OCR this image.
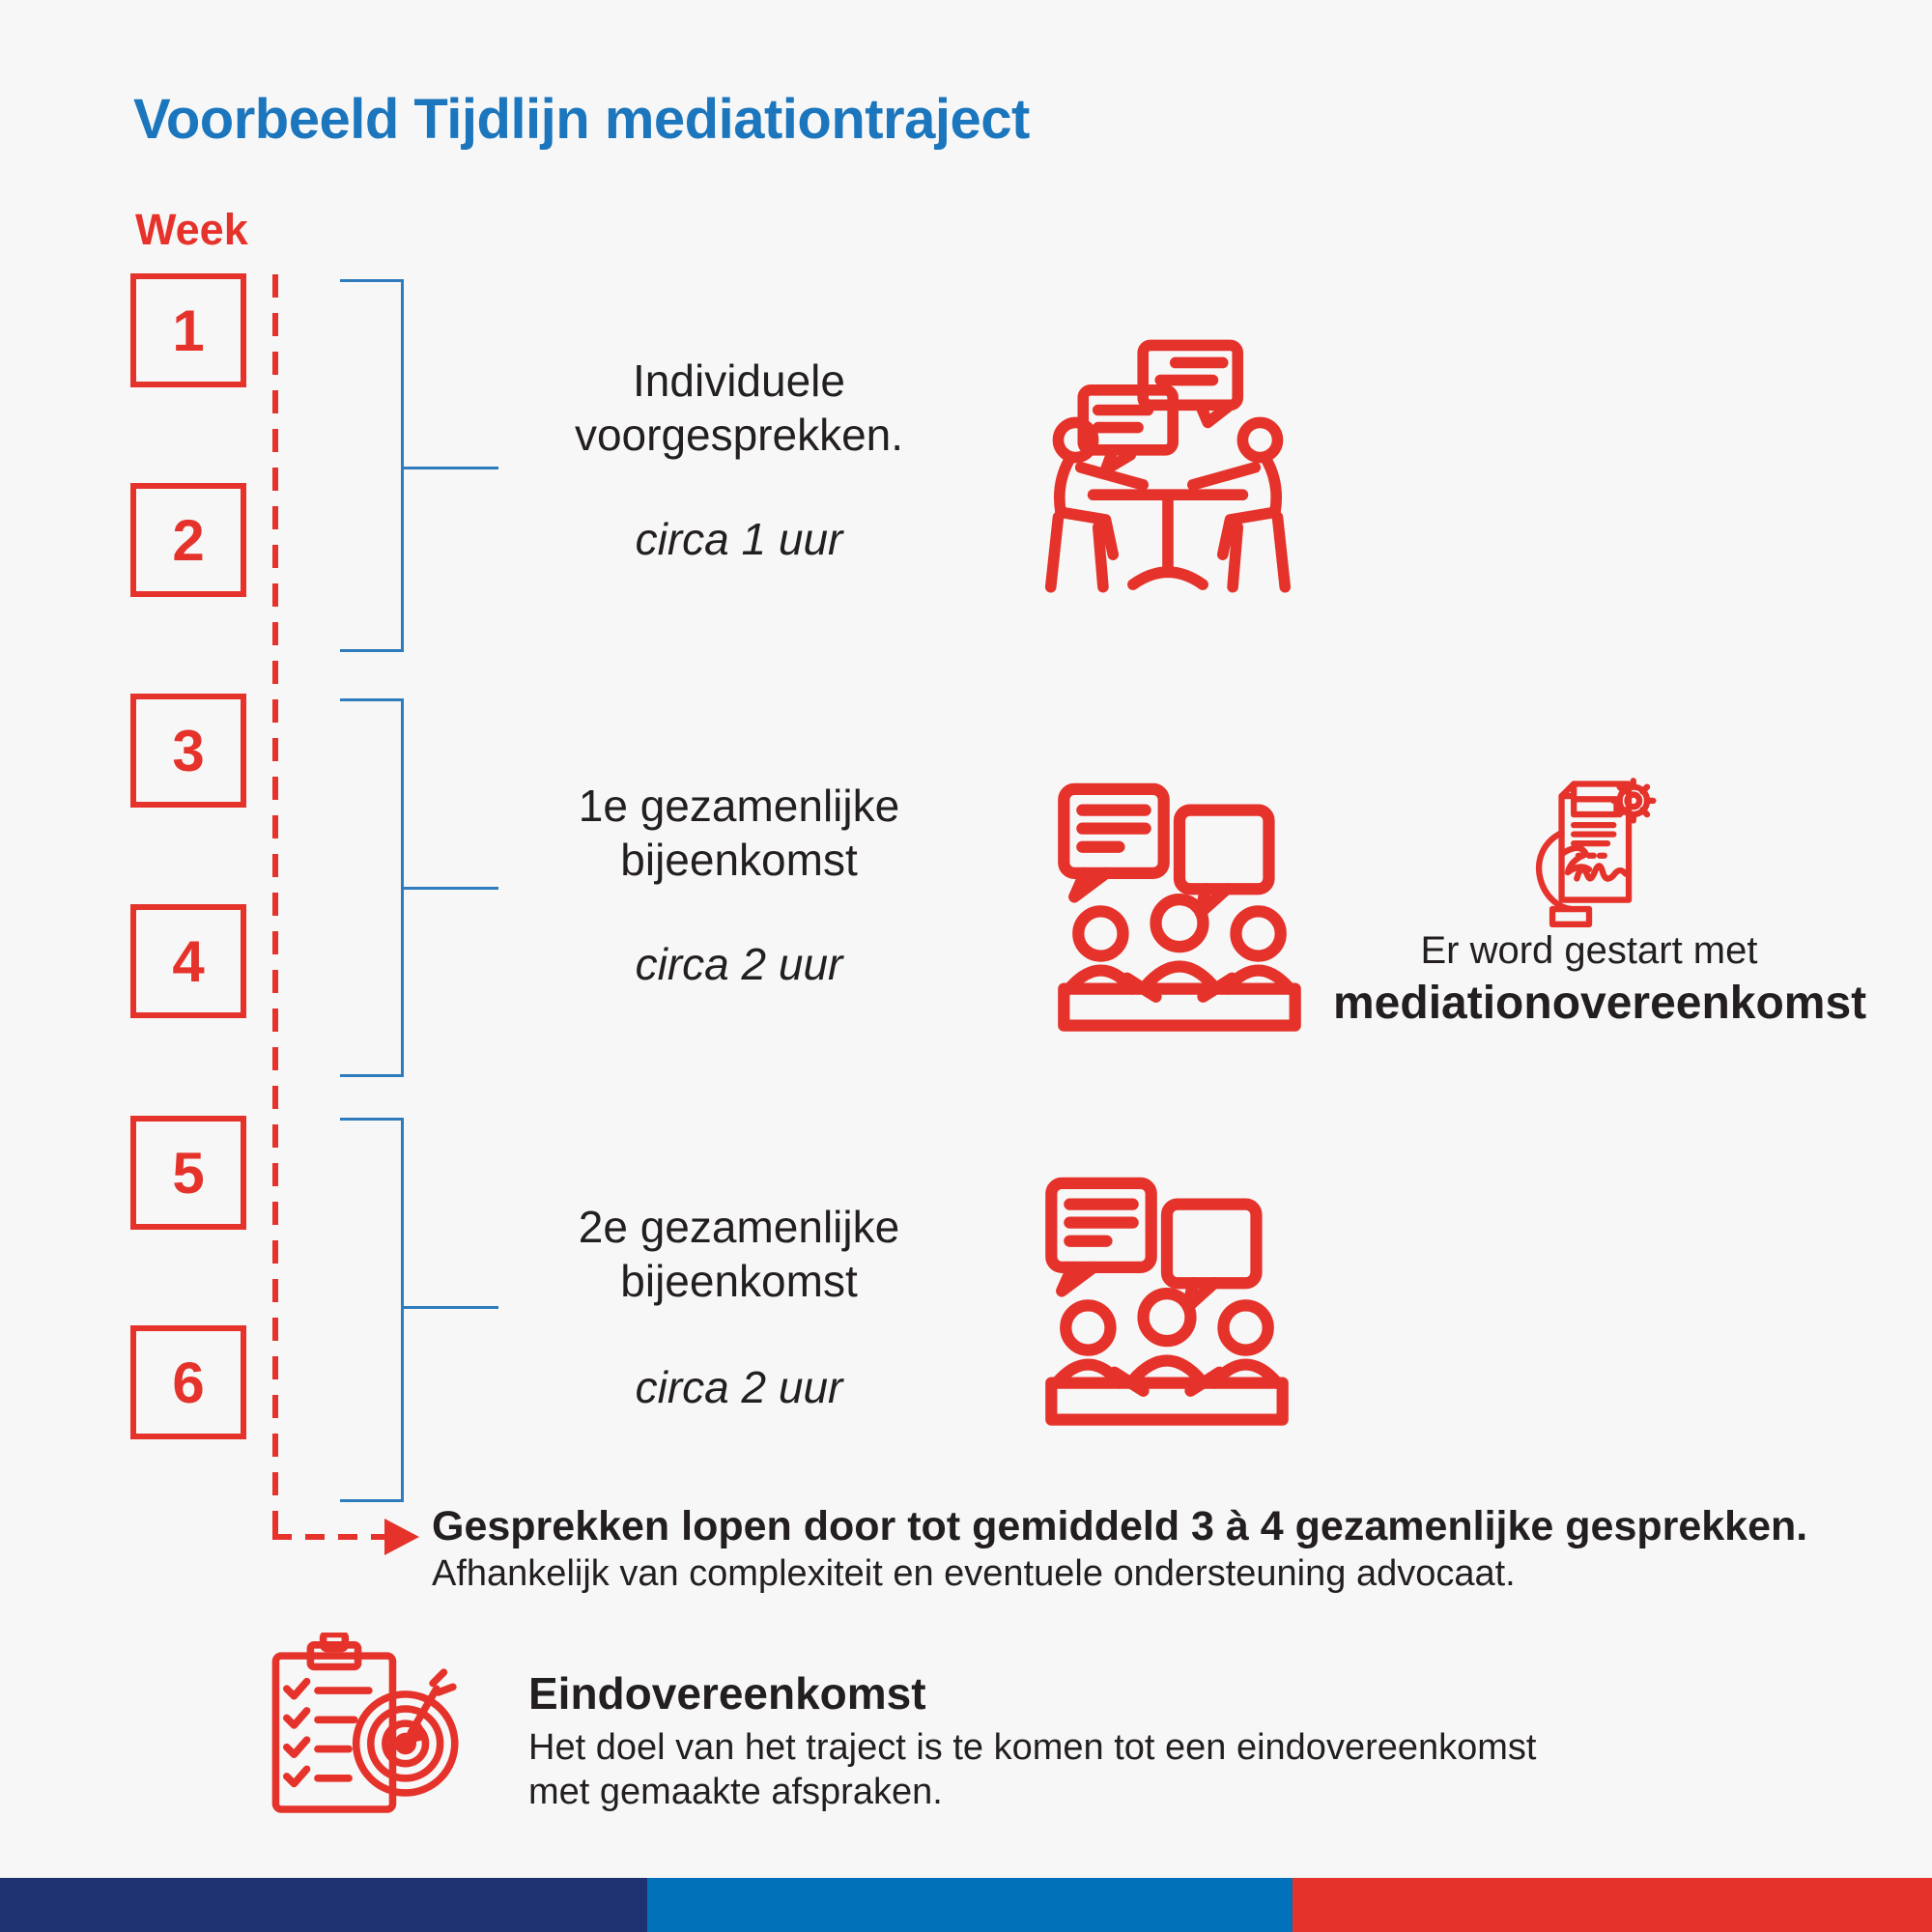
Voorbeeld Tijdlijn mediationtraject
Week
1
2
3
4
5
6
Individuele
voorgesprekken.
circa 1 uur
1e gezamenlijke
bijeenkomst
circa 2 uur
2e gezamenlijke
bijeenkomst
circa 2 uur
Er word gestart met
mediationovereenkomst
Gesprekken lopen door tot gemiddeld 3 à 4 gezamenlijke gesprekken.
Afhankelijk van complexiteit en eventuele ondersteuning advocaat.
Eindovereenkomst
Het doel van het traject is te komen tot een eindovereenkomst
met gemaakte afspraken.
